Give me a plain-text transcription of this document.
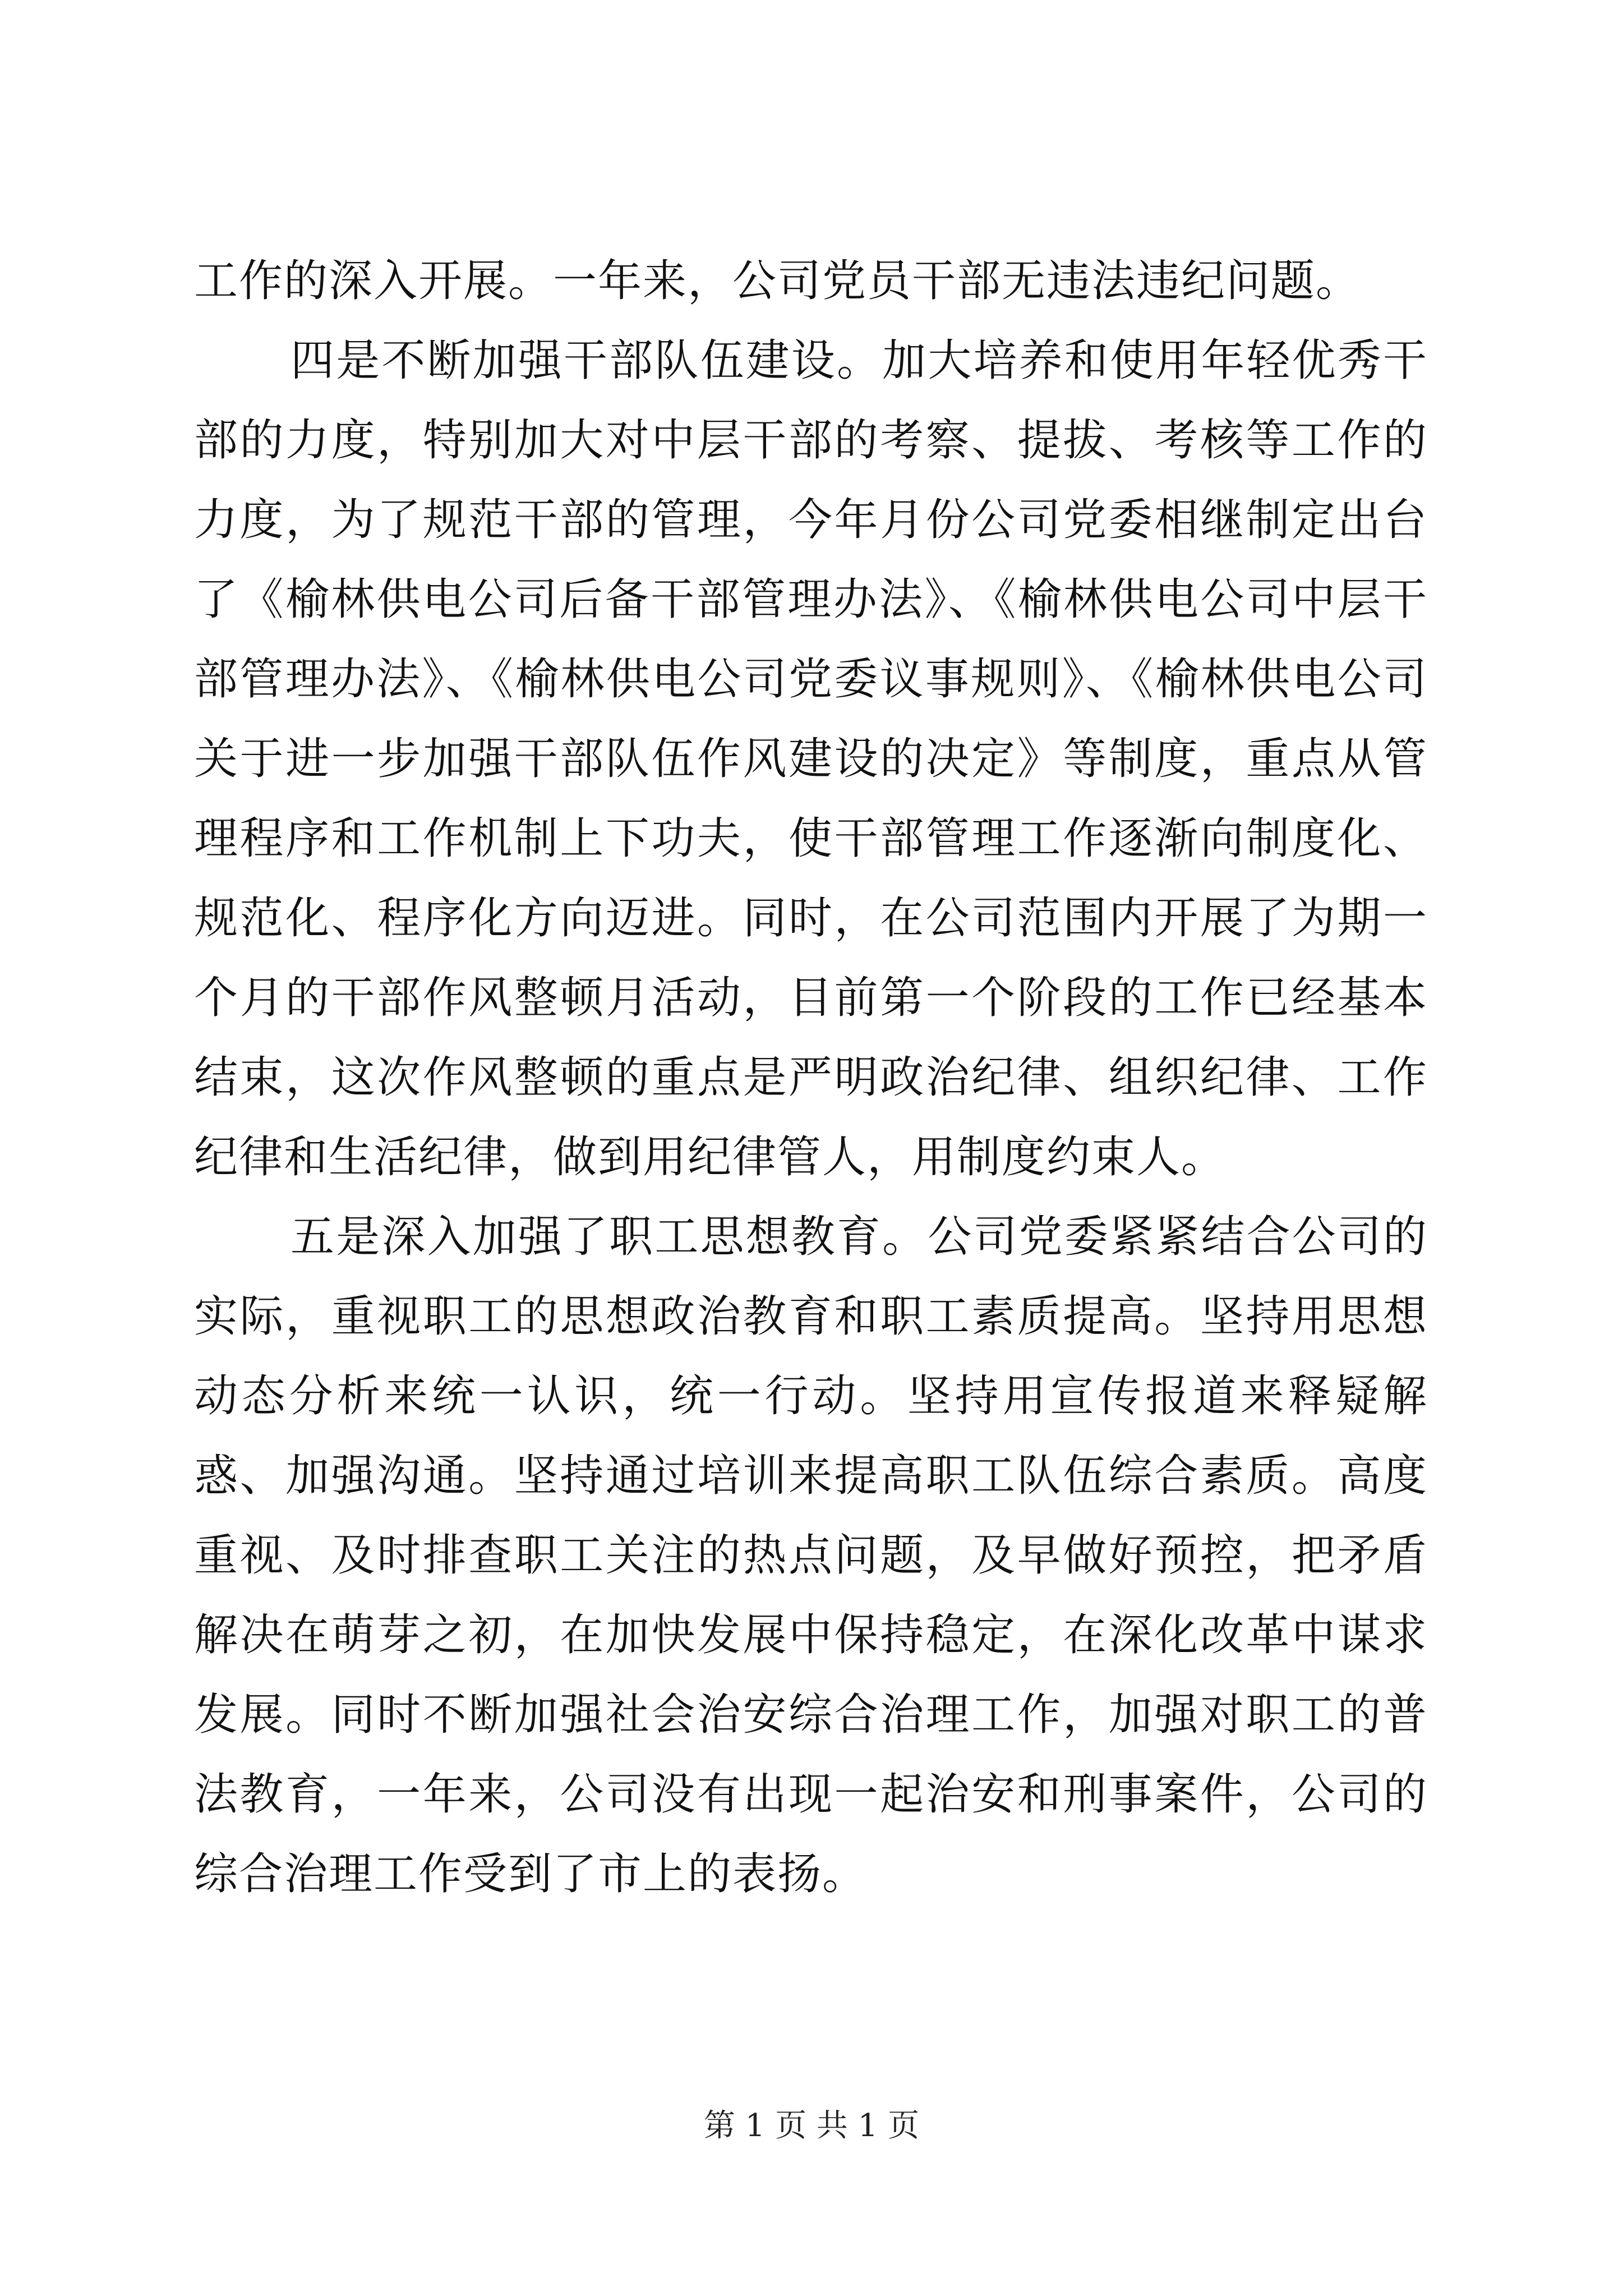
工作的深入开展。一年来，公司党员干部无违法违纪问题。

四是不断加强干部队伍建设。加大培养和使用年轻优秀干部的力度，特别加大对中层干部的考察、提拔、考核等工作的力度，为了规范干部的管理，今年月份公司党委相继制定出台了《榆林供电公司后备干部管理办法》、《榆林供电公司中层干部管理办法》、《榆林供电公司党委议事规则》、《榆林供电公司关于进一步加强干部队伍作风建设的决定》等制度，重点从管理程序和工作机制上下功夫，使干部管理工作逐渐向制度化、规范化、程序化方向迈进。同时，在公司范围内开展了为期一个月的干部作风整顿月活动，目前第一个阶段的工作已经基本结束，这次作风整顿的重点是严明政治纪律、组织纪律、工作纪律和生活纪律，做到用纪律管人，用制度约束人。

五是深入加强了职工思想教育。公司党委紧紧结合公司的实际，重视职工的思想政治教育和职工素质提高。坚持用思想动态分析来统一认识，统一行动。坚持用宣传报道来释疑解惑、加强沟通。坚持通过培训来提高职工队伍综合素质。高度重视、及时排查职工关注的热点问题，及早做好预控，把矛盾解决在萌芽之初，在加快发展中保持稳定，在深化改革中谋求发展。同时不断加强社会治安综合治理工作，加强对职工的普法教育，一年来，公司没有出现一起治安和刑事案件，公司的综合治理工作受到了市上的表扬。

第 1 页 共 1 页
